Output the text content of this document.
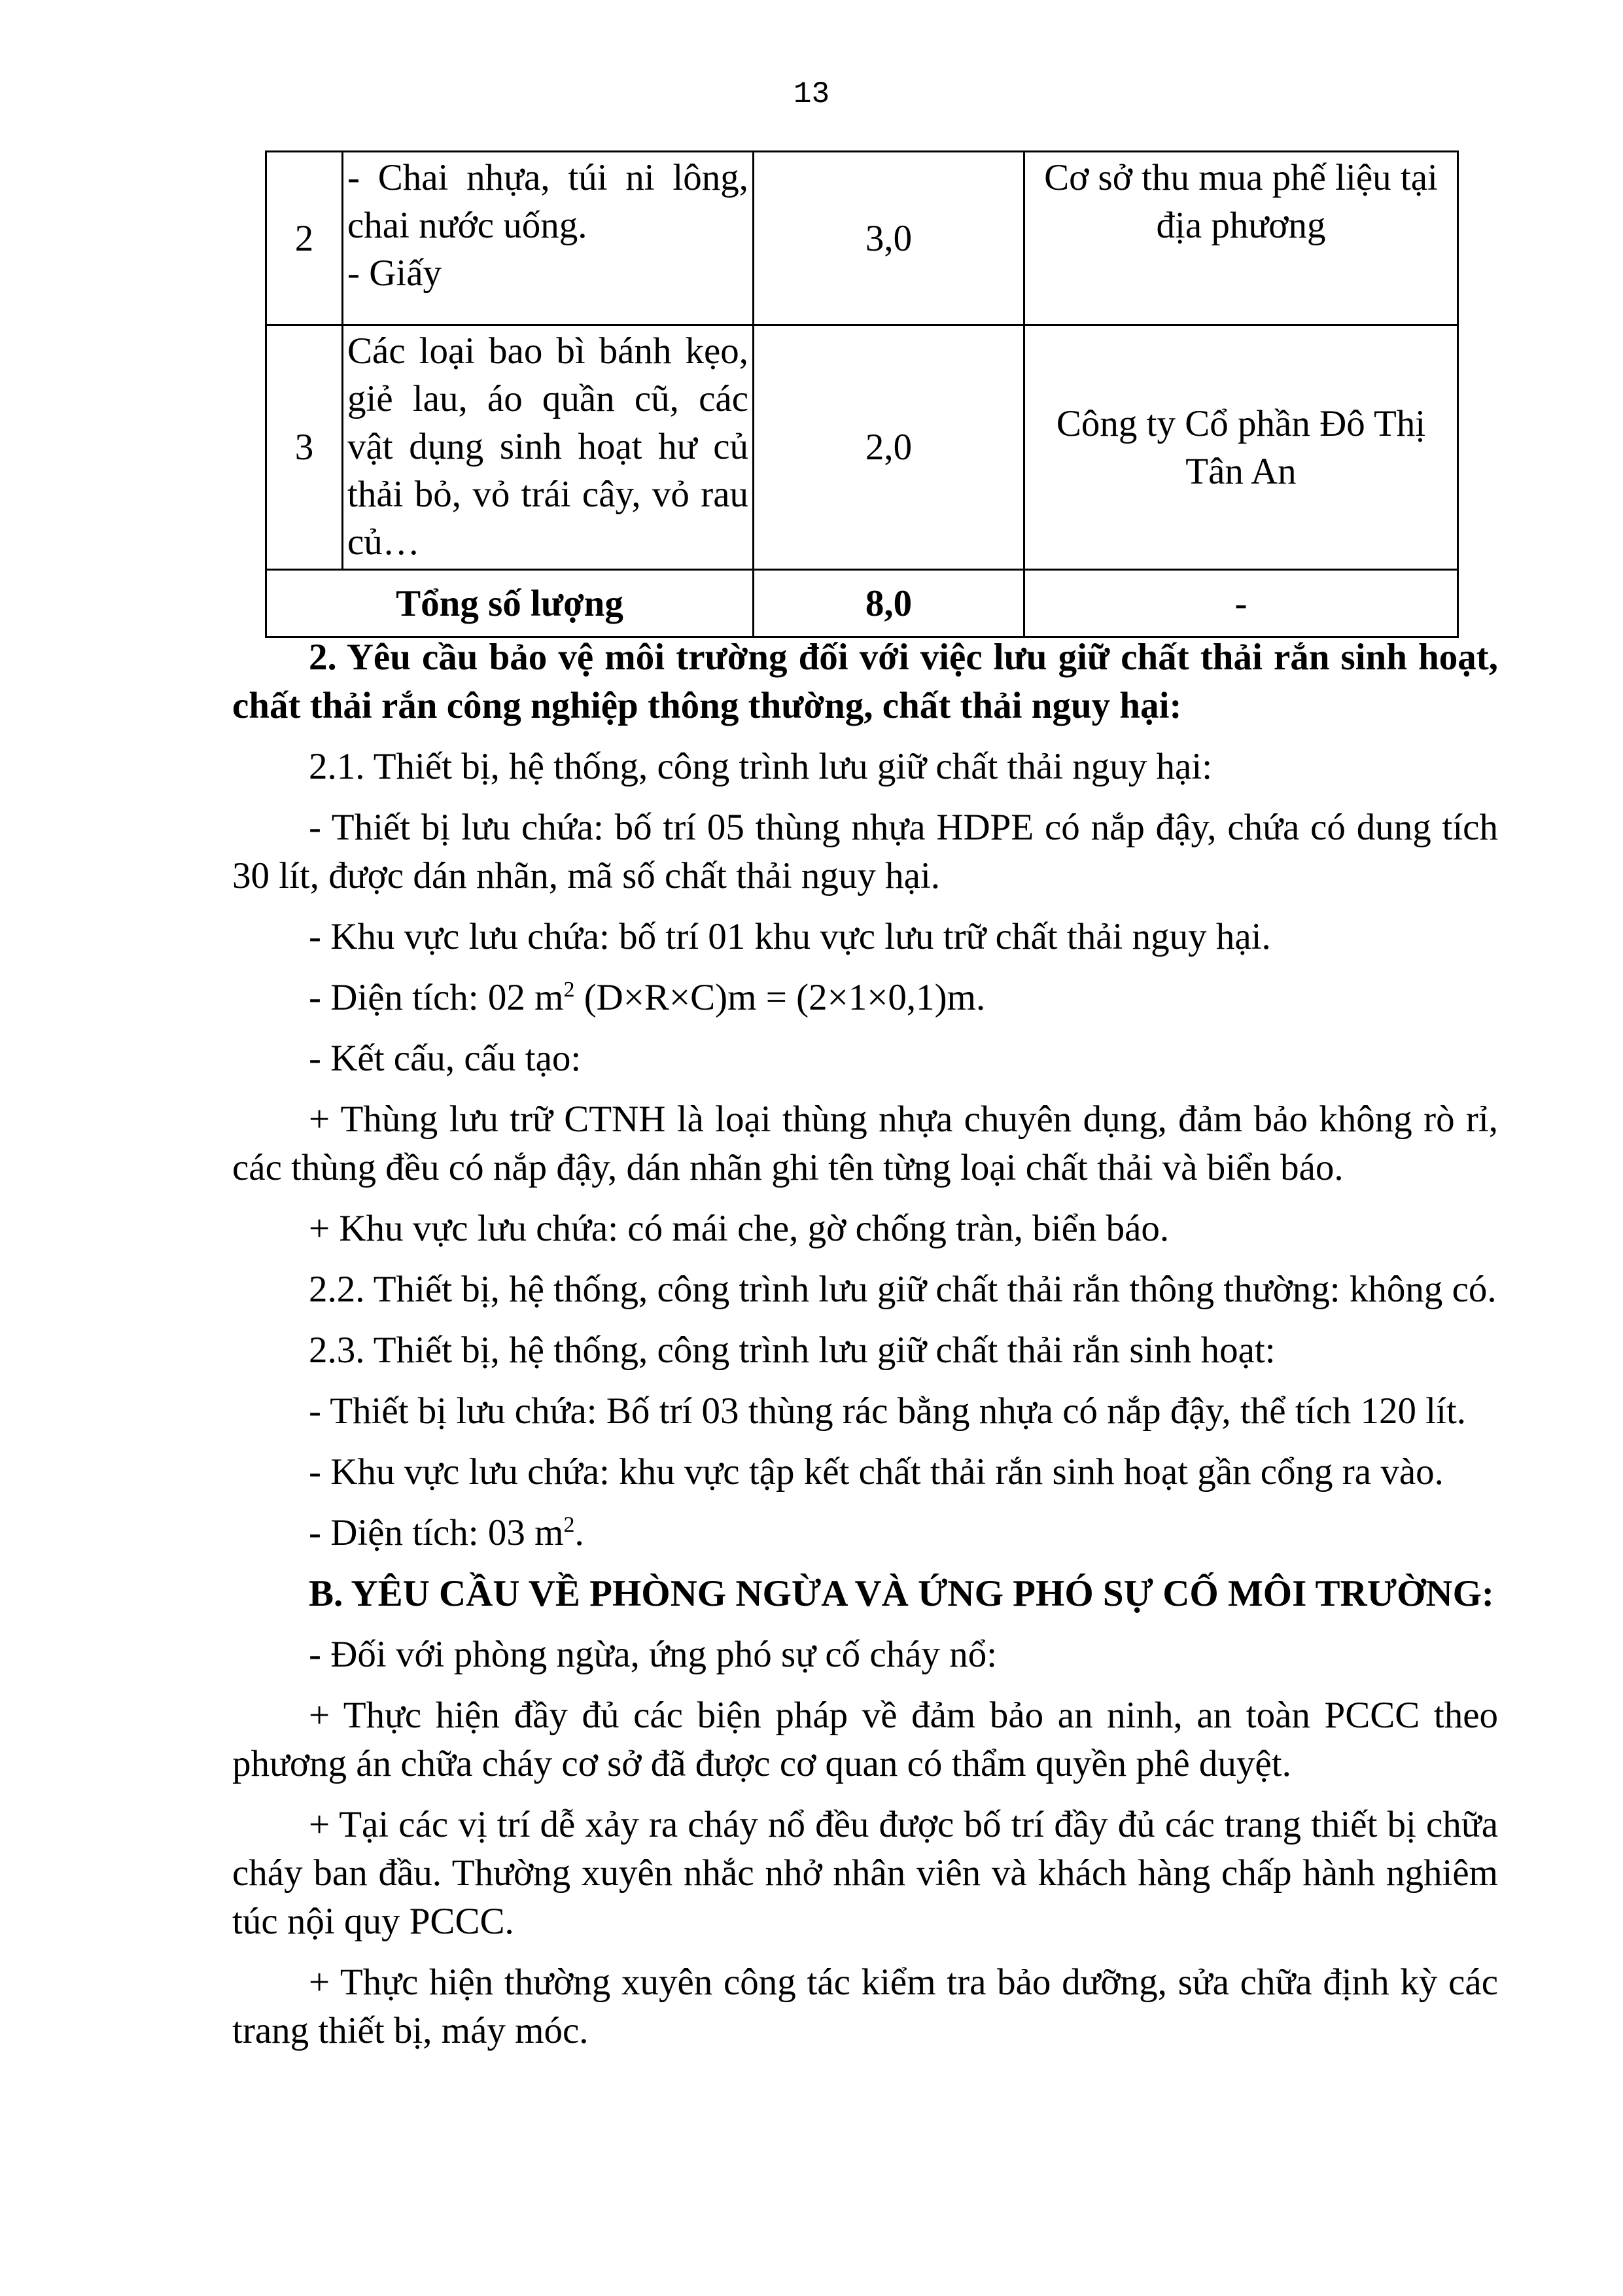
13
2	- Chai nhựa, túi ni lông, chai nước uống.
- Giấy	3,0	Cơ sở thu mua phế liệu tại địa phương
3	Các loại bao bì bánh kẹo, giẻ lau, áo quần cũ, các vật dụng sinh hoạt hư củ thải bỏ, vỏ trái cây, vỏ rau củ…	2,0	Công ty Cổ phần Đô Thị Tân An
Tổng số lượng		8,0	-

2. Yêu cầu bảo vệ môi trường đối với việc lưu giữ chất thải rắn sinh hoạt, chất thải rắn công nghiệp thông thường, chất thải nguy hại:

2.1. Thiết bị, hệ thống, công trình lưu giữ chất thải nguy hại:

- Thiết bị lưu chứa: bố trí 05 thùng nhựa HDPE có nắp đậy, chứa có dung tích 30 lít, được dán nhãn, mã số chất thải nguy hại.

- Khu vực lưu chứa: bố trí 01 khu vực lưu trữ chất thải nguy hại.

- Diện tích: 02 $m^2$ (D×R×C)m = (2×1×0,1)m.

- Kết cấu, cấu tạo:

+ Thùng lưu trữ CTNH là loại thùng nhựa chuyên dụng, đảm bảo không rò rỉ, các thùng đều có nắp đậy, dán nhãn ghi tên từng loại chất thải và biển báo.

+ Khu vực lưu chứa: có mái che, gờ chống tràn, biển báo.

2.2. Thiết bị, hệ thống, công trình lưu giữ chất thải rắn thông thường: không có.

2.3. Thiết bị, hệ thống, công trình lưu giữ chất thải rắn sinh hoạt:

- Thiết bị lưu chứa: Bố trí 03 thùng rác bằng nhựa có nắp đậy, thể tích 120 lít.

- Khu vực lưu chứa: khu vực tập kết chất thải rắn sinh hoạt gần cổng ra vào.

- Diện tích: 03 $m^2$.

B. YÊU CẦU VỀ PHÒNG NGỪA VÀ ỨNG PHÓ SỰ CỐ MÔI TRƯỜNG:

- Đối với phòng ngừa, ứng phó sự cố cháy nổ:

+ Thực hiện đầy đủ các biện pháp về đảm bảo an ninh, an toàn PCCC theo phương án chữa cháy cơ sở đã được cơ quan có thẩm quyền phê duyệt.

+ Tại các vị trí dễ xảy ra cháy nổ đều được bố trí đầy đủ các trang thiết bị chữa cháy ban đầu. Thường xuyên nhắc nhở nhân viên và khách hàng chấp hành nghiêm túc nội quy PCCC.

+ Thực hiện thường xuyên công tác kiểm tra bảo dưỡng, sửa chữa định kỳ các trang thiết bị, máy móc.
